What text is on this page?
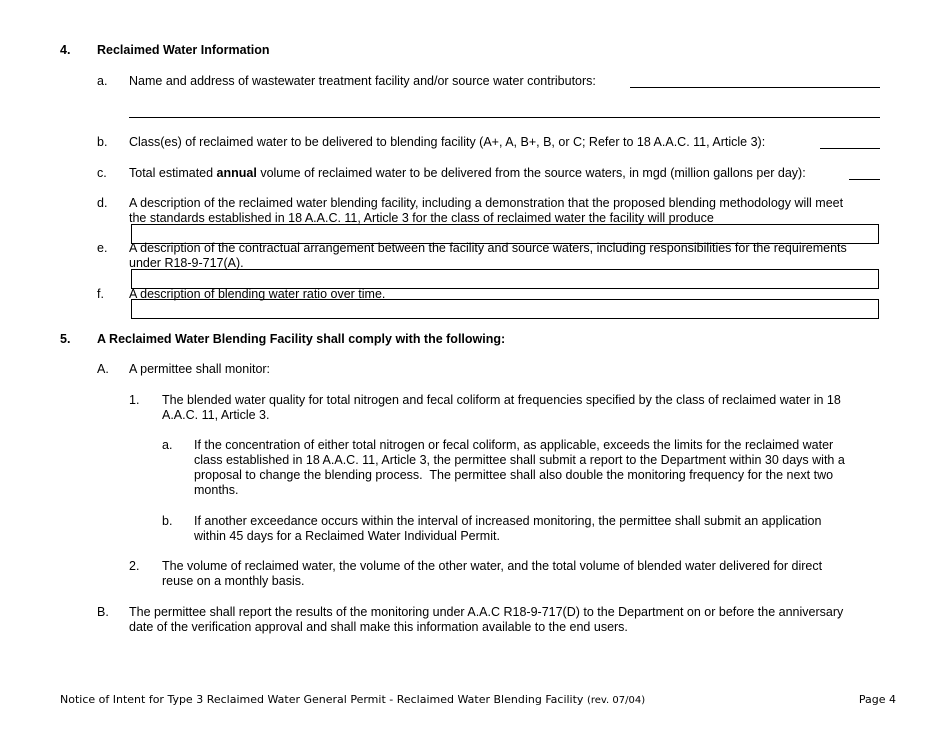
4. Reclaimed Water Information
a. Name and address of wastewater treatment facility and/or source water contributors:
b. Class(es) of reclaimed water to be delivered to blending facility (A+, A, B+, B, or C; Refer to 18 A.A.C. 11, Article 3):
c. Total estimated annual volume of reclaimed water to be delivered from the source waters, in mgd (million gallons per day):
d. A description of the reclaimed water blending facility, including a demonstration that the proposed blending methodology will meet
the standards established in 18 A.A.C. 11, Article 3 for the class of reclaimed water the facility will produce
e. A description of the contractual arrangement between the facility and source waters, including responsibilities for the requirements
under R18-9-717(A).
f. A description of blending water ratio over time.
5. A Reclaimed Water Blending Facility shall comply with the following:
A. A permittee shall monitor:
1. The blended water quality for total nitrogen and fecal coliform at frequencies specified by the class of reclaimed water in 18
A.A.C. 11, Article 3.
a. If the concentration of either total nitrogen or fecal coliform, as applicable, exceeds the limits for the reclaimed water
class established in 18 A.A.C. 11, Article 3, the permittee shall submit a report to the Department within 30 days with a
proposal to change the blending process.  The permittee shall also double the monitoring frequency for the next two
months.
b. If another exceedance occurs within the interval of increased monitoring, the permittee shall submit an application
within 45 days for a Reclaimed Water Individual Permit.
2. The volume of reclaimed water, the volume of the other water, and the total volume of blended water delivered for direct
reuse on a monthly basis.
B. The permittee shall report the results of the monitoring under A.A.C R18-9-717(D) to the Department on or before the anniversary
date of the verification approval and shall make this information available to the end users.
Notice of Intent for Type 3 Reclaimed Water General Permit - Reclaimed Water Blending Facility (rev. 07/04)	Page 4
